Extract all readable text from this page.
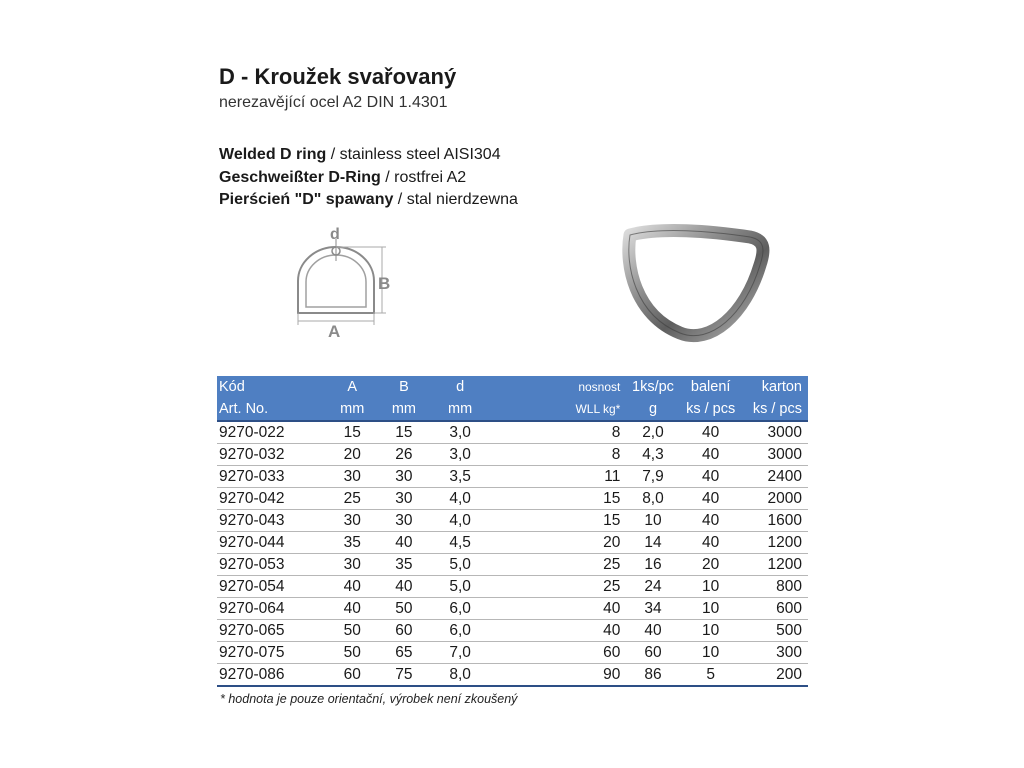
D - Kroužek svařovaný
nerezavějící ocel A2 DIN 1.4301
Welded D ring / stainless steel AISI304
Geschweißter D-Ring / rostfrei A2
Pierścień "D" spawany / stal nierdzewna
d
B
A
Kód	A	B	d		nosnost	1ks/pc	balení	karton
Art. No.	mm	mm	mm		WLL kg*	g	ks / pcs	ks / pcs
9270-022	15	15	3,0		8	2,0	40	3000
9270-032	20	26	3,0		8	4,3	40	3000
9270-033	30	30	3,5		11	7,9	40	2400
9270-042	25	30	4,0		15	8,0	40	2000
9270-043	30	30	4,0		15	10	40	1600
9270-044	35	40	4,5		20	14	40	1200
9270-053	30	35	5,0		25	16	20	1200
9270-054	40	40	5,0		25	24	10	800
9270-064	40	50	6,0		40	34	10	600
9270-065	50	60	6,0		40	40	10	500
9270-075	50	65	7,0		60	60	10	300
9270-086	60	75	8,0		90	86	5	200
* hodnota je pouze orientační, výrobek není zkoušený
